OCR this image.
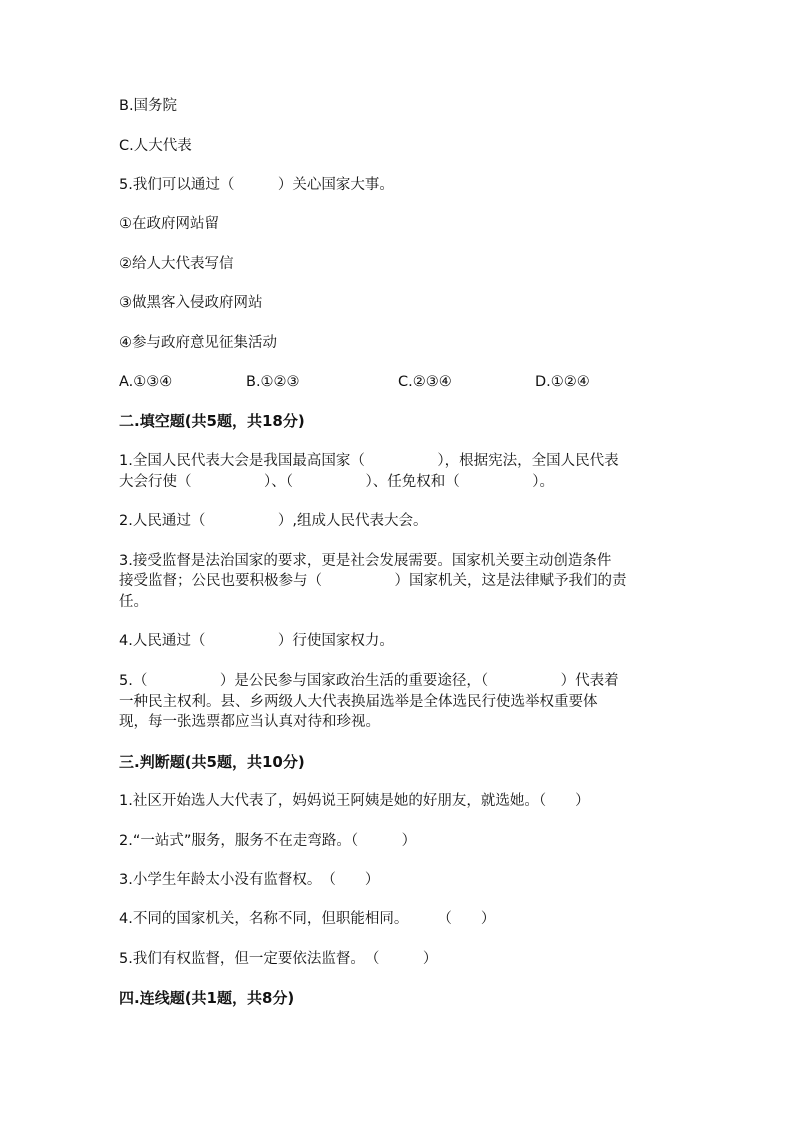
B.国务院

C.人大代表

5.我们可以通过（　　　）关心国家大事。

①在政府网站留

②给人大代表写信

③做黑客入侵政府网站

④参与政府意见征集活动

A.①③④	B.①②③	C.②③④	D.①②④

二.填空题(共5题，共18分)

1.全国人民代表大会是我国最高国家（　　　　　），根据宪法，全国人民代表

大会行使（　　　　　）、（　　　　　）、任免权和（　　　　　）。

2.人民通过（　　　　　）,组成人民代表大会。

3.接受监督是法治国家的要求，更是社会发展需要。国家机关要主动创造条件

接受监督；公民也要积极参与（　　　　　）国家机关，这是法律赋予我们的责

任。

4.人民通过（　　　　　）行使国家权力。

5.（　　　　　）是公民参与国家政治生活的重要途径，（　　　　　）代表着

一种民主权利。县、乡两级人大代表换届选举是全体选民行使选举权重要体

现，每一张选票都应当认真对待和珍视。

三.判断题(共5题，共10分)

1.社区开始选人大代表了，妈妈说王阿姨是她的好朋友，就选她。（　　）

2.“一站式”服务，服务不在走弯路。（　　　）

3.小学生年龄太小没有监督权。　（　　）

4.不同的国家机关，名称不同，但职能相同。　　　（　　）

5.我们有权监督，但一定要依法监督。　（　　　）

四.连线题(共1题，共8分)
